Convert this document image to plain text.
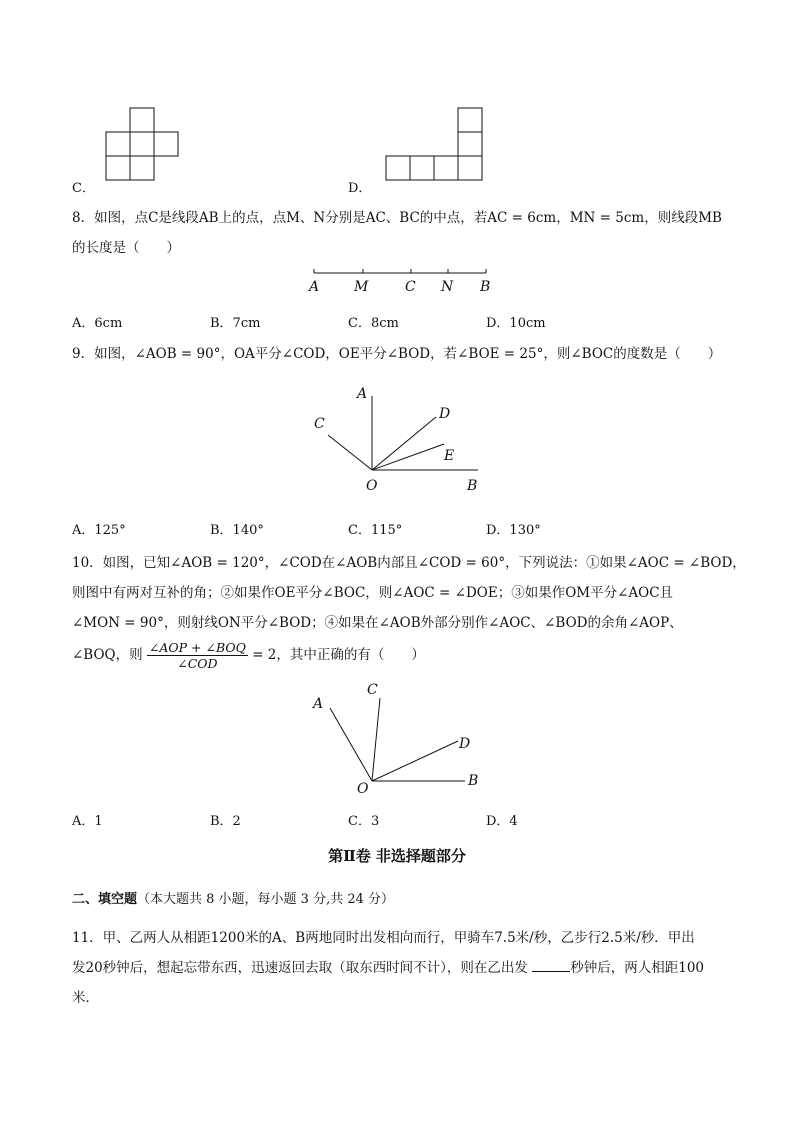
C．	D．
8．如图，点C是线段AB上的点，点M、N分别是AC、BC的中点，若AC = 6cm，MN = 5cm，则线段MB
的长度是（　　）
A M	C N B
A．6cm	B．7cm	C．8cm	D．10cm
9．如图，∠AOB = 90°，OA平分∠COD，OE平分∠BOD，若∠BOE = 25°，则∠BOC的度数是（　　）
A
D
C
E
O	B
A．125°	B．140°	C．115°	D．130°
10．如图，已知∠AOB = 120°，∠COD在∠AOB内部且∠COD = 60°，下列说法：①如果∠AOC = ∠BOD，
则图中有两对互补的角；②如果作OE平分∠BOC，则∠AOC = ∠DOE；③如果作OM平分∠AOC且
∠MON = 90°，则射线ON平分∠BOD；④如果在∠AOB外部分别作∠AOC、∠BOD的余角∠AOP、
∠BOQ，则 $\frac{\text{∠AOP + ∠BOQ}}{\text{∠COD}} = 2$，其中正确的有（　　）
A
C
D
O	B
A．1	B．2	C．3	D．4
第Ⅱ卷 非选择题部分
二、填空题（本大题共 8 小题，每小题 3 分,共 24 分）
11．甲、乙两人从相距1200米的A、B两地同时出发相向而行，甲骑车7.5米/秒，乙步行2.5米/秒．甲出
发20秒钟后，想起忘带东西，迅速返回去取（取东西时间不计），则在乙出发	秒钟后，两人相距100
米．
